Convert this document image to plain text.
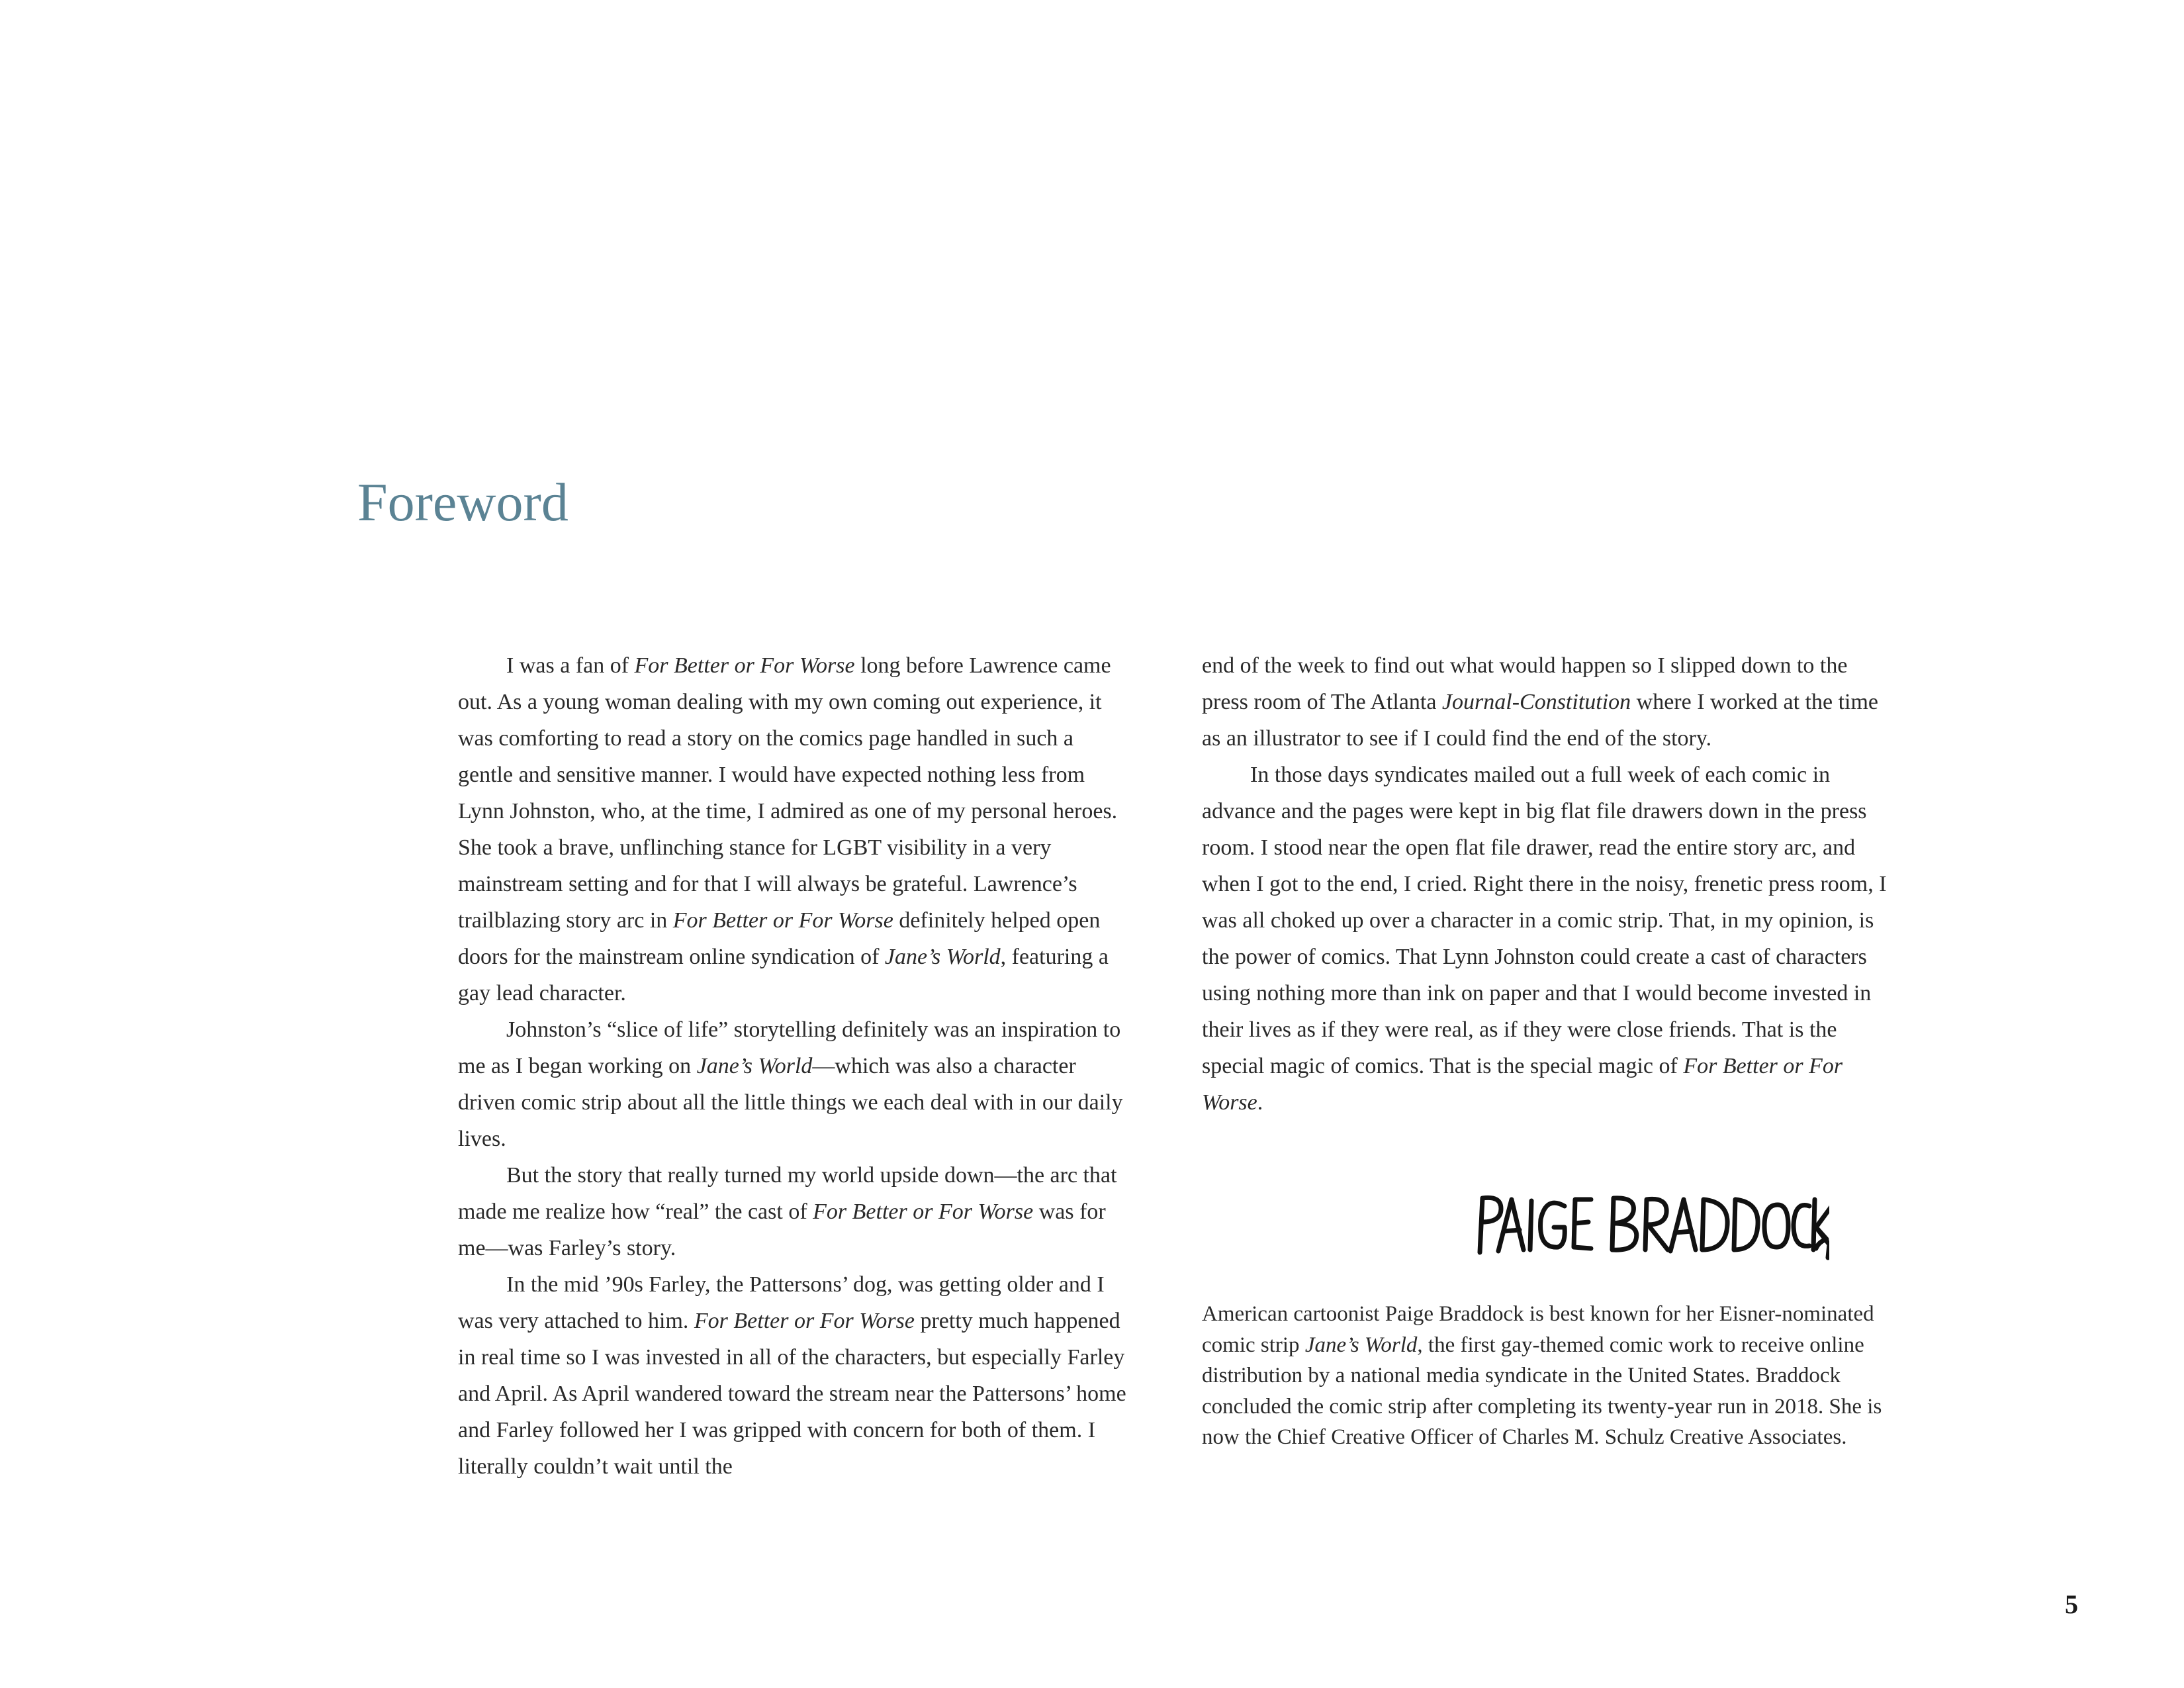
Foreword

I was a fan of For Better or For Worse long before Lawrence came out. As a young woman dealing with my own coming out experience, it was comforting to read a story on the comics page handled in such a gentle and sensitive manner. I would have expected nothing less from Lynn Johnston, who, at the time, I admired as one of my personal heroes. She took a brave, unflinching stance for LGBT visibility in a very mainstream setting and for that I will always be grateful. Lawrence’s trailblazing story arc in For Better or For Worse definitely helped open doors for the mainstream online syndication of Jane’s World, featuring a gay lead character.

Johnston’s “slice of life” storytelling definitely was an inspiration to me as I began working on Jane’s World—which was also a character driven comic strip about all the little things we each deal with in our daily lives.

But the story that really turned my world upside down—the arc that made me realize how “real” the cast of For Better or For Worse was for me—was Farley’s story.

In the mid ’90s Farley, the Pattersons’ dog, was getting older and I was very attached to him. For Better or For Worse pretty much happened in real time so I was invested in all of the characters, but especially Farley and April. As April wandered toward the stream near the Pattersons’ home and Farley followed her I was gripped with concern for both of them. I literally couldn’t wait until the

end of the week to find out what would happen so I slipped down to the press room of The Atlanta Journal-Constitution where I worked at the time as an illustrator to see if I could find the end of the story.

In those days syndicates mailed out a full week of each comic in advance and the pages were kept in big flat file drawers down in the press room. I stood near the open flat file drawer, read the entire story arc, and when I got to the end, I cried. Right there in the noisy, frenetic press room, I was all choked up over a character in a comic strip. That, in my opinion, is the power of comics. That Lynn Johnston could create a cast of characters using nothing more than ink on paper and that I would become invested in their lives as if they were real, as if they were close friends. That is the special magic of comics. That is the special magic of For Better or For Worse.

American cartoonist Paige Braddock is best known for her Eisner-nominated comic strip Jane’s World, the first gay-themed comic work to receive online distribution by a national media syndicate in the United States. Braddock concluded the comic strip after completing its twenty-year run in 2018. She is now the Chief Creative Officer of Charles M. Schulz Creative Associates.

5
